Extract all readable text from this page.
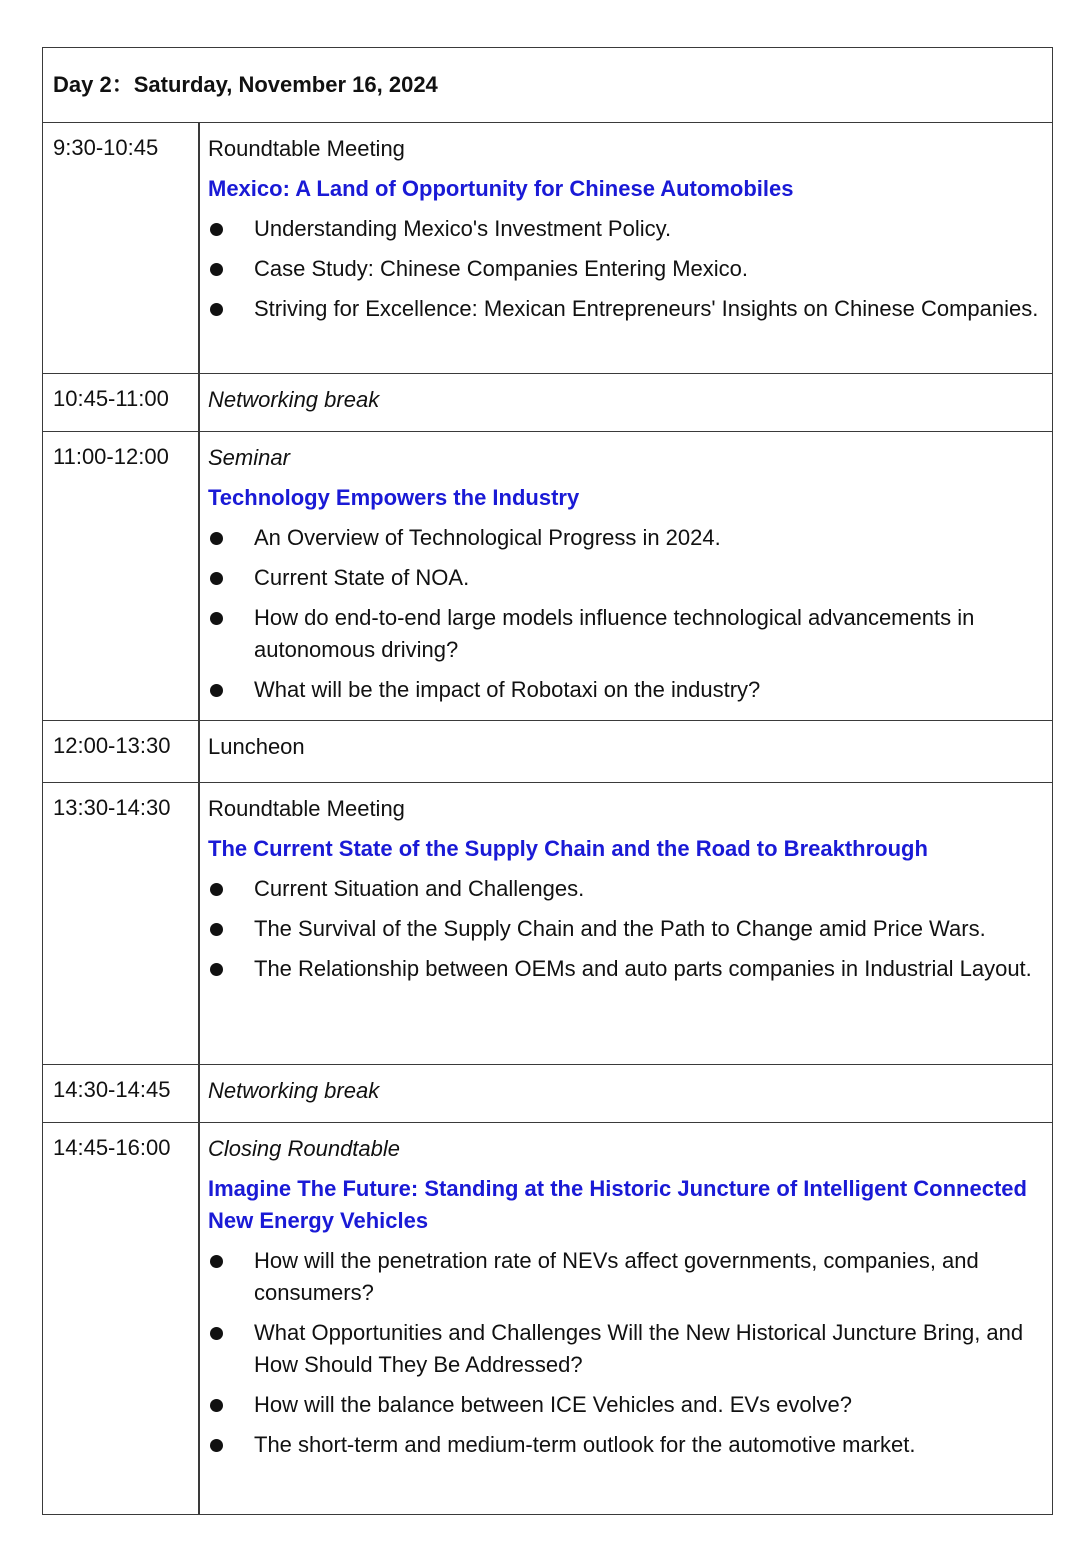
Day 2：Saturday, November 16, 2024
9:30-10:45 Roundtable Meeting

Mexico: A Land of Opportunity for Chinese Automobiles

Understanding Mexico's Investment Policy.
Case Study: Chinese Companies Entering Mexico.
Striving for Excellence: Mexican Entrepreneurs' Insights on Chinese Companies.
10:45-11:00 Networking break

11:00-12:00 Seminar

Technology Empowers the Industry

An Overview of Technological Progress in 2024.
Current State of NOA.
How do end-to-end large models influence technological advancements in autonomous driving?
What will be the impact of Robotaxi on the industry?
12:00-13:30 Luncheon

13:30-14:30 Roundtable Meeting

The Current State of the Supply Chain and the Road to Breakthrough

Current Situation and Challenges.
The Survival of the Supply Chain and the Path to Change amid Price Wars.
The Relationship between OEMs and auto parts companies in Industrial Layout.
14:30-14:45 Networking break

14:45-16:00 Closing Roundtable

Imagine The Future: Standing at the Historic Juncture of Intelligent Connected New Energy Vehicles

How will the penetration rate of NEVs affect governments, companies, and consumers?
What Opportunities and Challenges Will the New Historical Juncture Bring, and How Should They Be Addressed?
How will the balance between ICE Vehicles and. EVs evolve?
The short-term and medium-term outlook for the automotive market.
